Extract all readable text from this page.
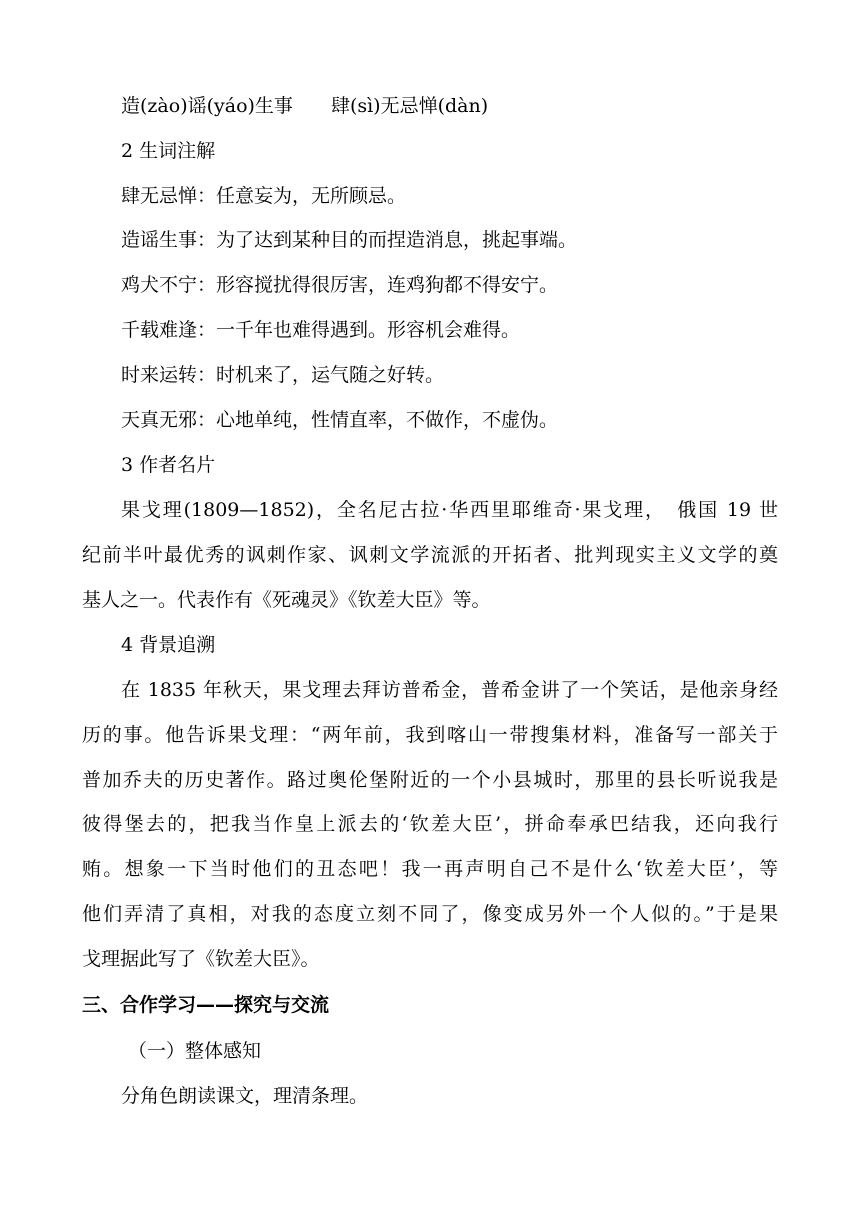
造(zào)谣(yáo)生事 肆(sì)无忌惮(dàn)
2 生词注解
肆无忌惮：任意妄为，无所顾忌。
造谣生事：为了达到某种目的而捏造消息，挑起事端。
鸡犬不宁：形容搅扰得很厉害，连鸡狗都不得安宁。
千载难逢：一千年也难得遇到。形容机会难得。
时来运转：时机来了，运气随之好转。
天真无邪：心地单纯，性情直率，不做作，不虚伪。
3 作者名片
果戈理(1809—1852)，全名尼古拉·华西里耶维奇·果戈理，　俄国 19 世
纪前半叶最优秀的讽刺作家、讽刺文学流派的开拓者、批判现实主义文学的奠
基人之一。代表作有《死魂灵》《钦差大臣》等。
4 背景追溯
在 1835 年秋天，果戈理去拜访普希金，普希金讲了一个笑话，是他亲身经
历的事。他告诉果戈理：“两年前，我到喀山一带搜集材料，准备写一部关于
普加乔夫的历史著作。路过奥伦堡附近的一个小县城时，那里的县长听说我是
彼得堡去的，把我当作皇上派去的‘钦差大臣’，拼命奉承巴结我，还向我行
贿。想象一下当时他们的丑态吧！我一再声明自己不是什么‘钦差大臣’，等
他们弄清了真相，对我的态度立刻不同了，像变成另外一个人似的。”于是果
戈理据此写了《钦差大臣》。
三、合作学习——探究与交流
（一）整体感知
分角色朗读课文，理清条理。
